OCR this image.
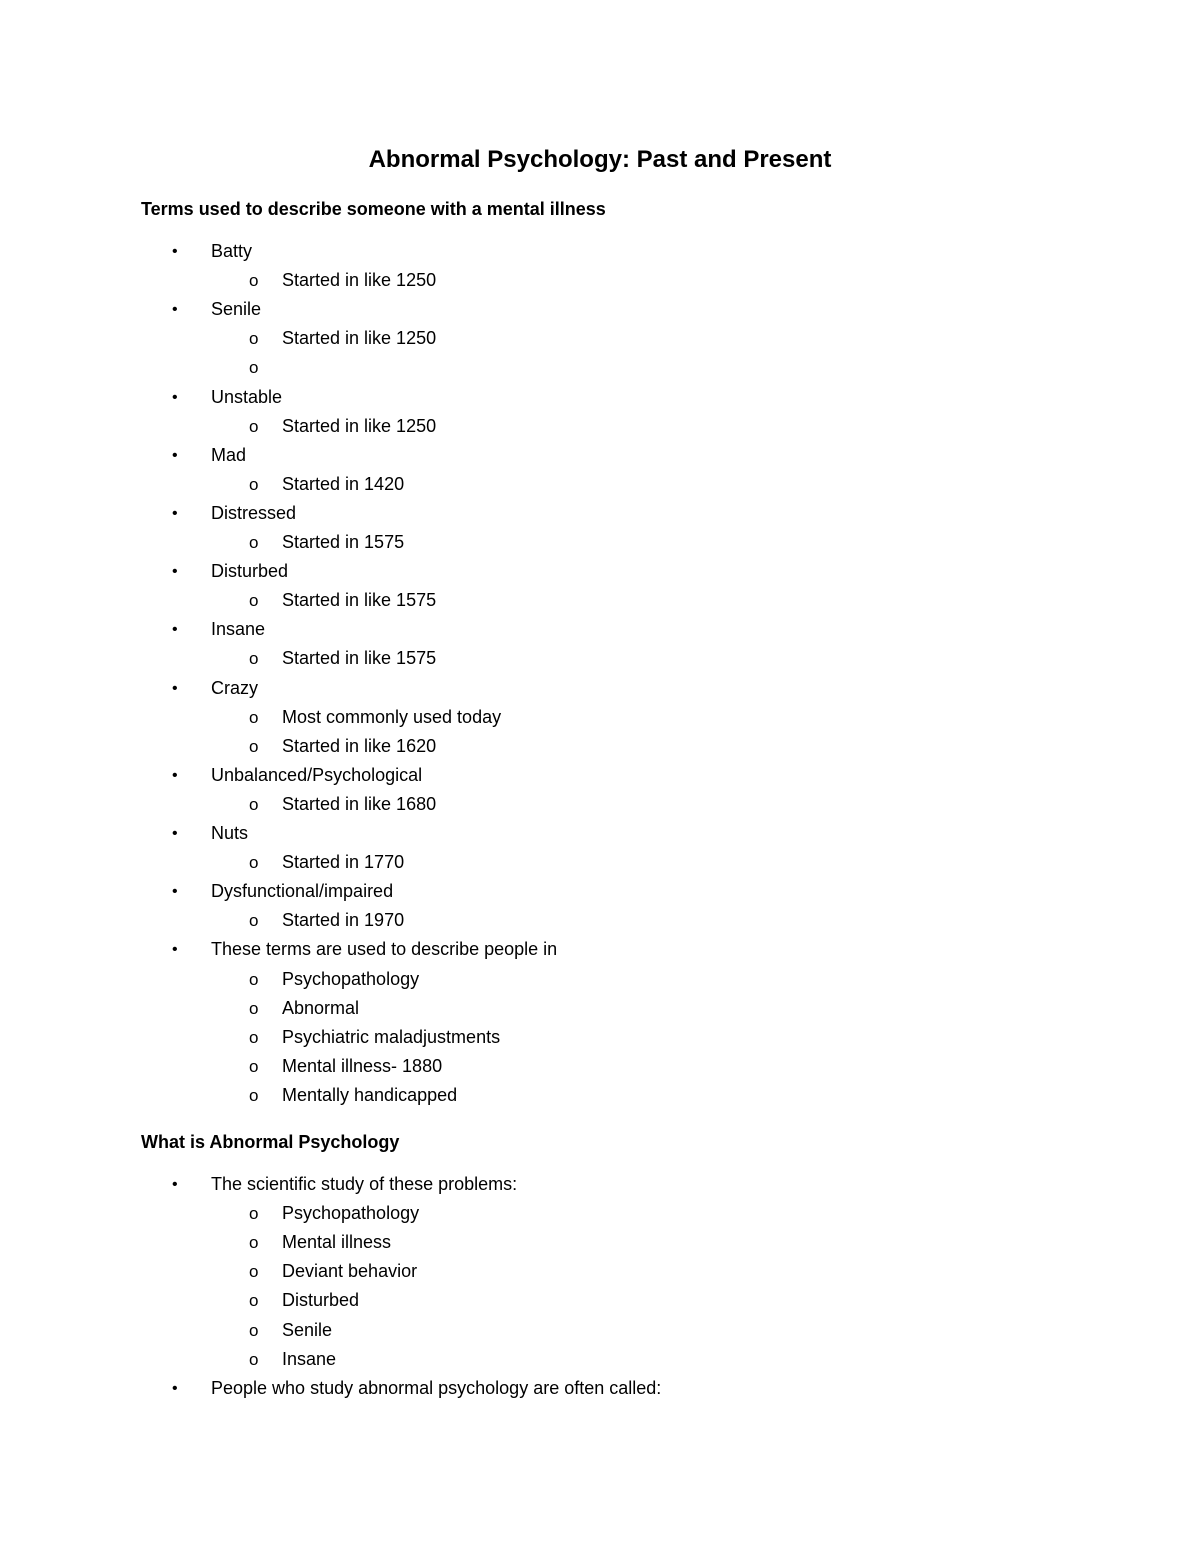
Abnormal Psychology: Past and Present
Terms used to describe someone with a mental illness
• Batty
o Started in like 1250
• Senile
o Started in like 1250
o
• Unstable
o Started in like 1250
• Mad
o Started in 1420
• Distressed
o Started in 1575
• Disturbed
o Started in like 1575
• Insane
o Started in like 1575
• Crazy
o Most commonly used today
o Started in like 1620
• Unbalanced/Psychological
o Started in like 1680
• Nuts
o Started in 1770
• Dysfunctional/impaired
o Started in 1970
• These terms are used to describe people in
o Psychopathology
o Abnormal
o Psychiatric maladjustments
o Mental illness- 1880
o Mentally handicapped
What is Abnormal Psychology
• The scientific study of these problems:
o Psychopathology
o Mental illness
o Deviant behavior
o Disturbed
o Senile
o Insane
• People who study abnormal psychology are often called:
